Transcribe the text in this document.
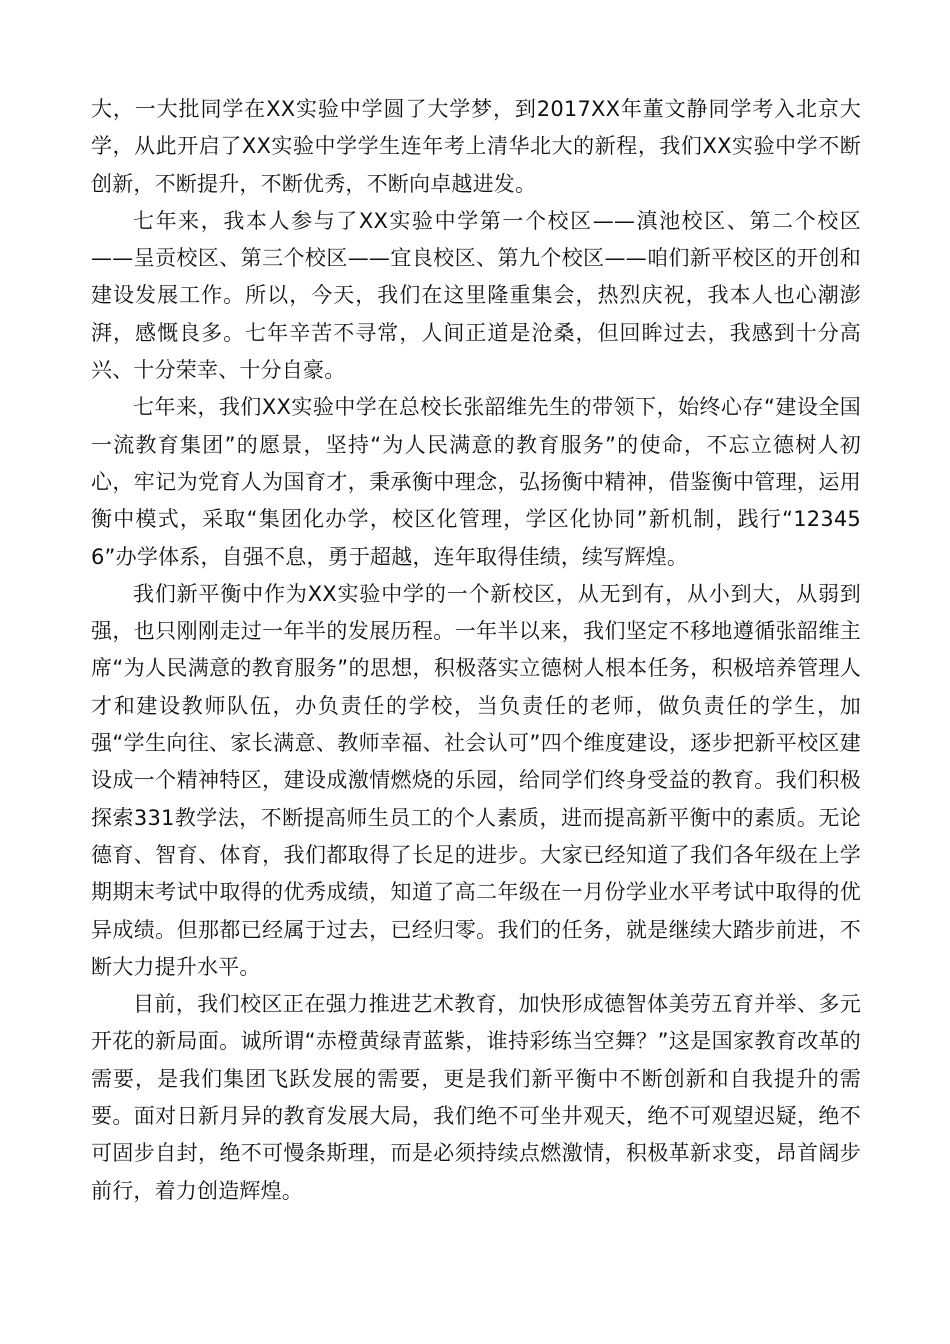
大，一大批同学在XX实验中学圆了大学梦，到2017XX年董文静同学考入北京大学，从此开启了XX实验中学学生连年考上清华北大的新程，我们XX实验中学不断创新，不断提升，不断优秀，不断向卓越进发。

七年来，我本人参与了XX实验中学第一个校区——滇池校区、第二个校区——呈贡校区、第三个校区——宜良校区、第九个校区——咱们新平校区的开创和建设发展工作。所以，今天，我们在这里隆重集会，热烈庆祝，我本人也心潮澎湃，感慨良多。七年辛苦不寻常，人间正道是沧桑，但回眸过去，我感到十分高兴、十分荣幸、十分自豪。

七年来，我们XX实验中学在总校长张韶维先生的带领下，始终心存“建设全国一流教育集团”的愿景，坚持“为人民满意的教育服务”的使命，不忘立德树人初心，牢记为党育人为国育才，秉承衡中理念，弘扬衡中精神，借鉴衡中管理，运用衡中模式，采取“集团化办学，校区化管理，学区化协同”新机制，践行“123456”办学体系，自强不息，勇于超越，连年取得佳绩，续写辉煌。

我们新平衡中作为XX实验中学的一个新校区，从无到有，从小到大，从弱到强，也只刚刚走过一年半的发展历程。一年半以来，我们坚定不移地遵循张韶维主席“为人民满意的教育服务”的思想，积极落实立德树人根本任务，积极培养管理人才和建设教师队伍，办负责任的学校，当负责任的老师，做负责任的学生，加强“学生向往、家长满意、教师幸福、社会认可”四个维度建设，逐步把新平校区建设成一个精神特区，建设成激情燃烧的乐园，给同学们终身受益的教育。我们积极探索331教学法，不断提高师生员工的个人素质，进而提高新平衡中的素质。无论德育、智育、体育，我们都取得了长足的进步。大家已经知道了我们各年级在上学期期末考试中取得的优秀成绩，知道了高二年级在一月份学业水平考试中取得的优异成绩。但那都已经属于过去，已经归零。我们的任务，就是继续大踏步前进，不断大力提升水平。

目前，我们校区正在强力推进艺术教育，加快形成德智体美劳五育并举、多元开花的新局面。诚所谓“赤橙黄绿青蓝紫，谁持彩练当空舞？”这是国家教育改革的需要，是我们集团飞跃发展的需要，更是我们新平衡中不断创新和自我提升的需要。面对日新月异的教育发展大局，我们绝不可坐井观天，绝不可观望迟疑，绝不可固步自封，绝不可慢条斯理，而是必须持续点燃激情，积极革新求变，昂首阔步前行，着力创造辉煌。
